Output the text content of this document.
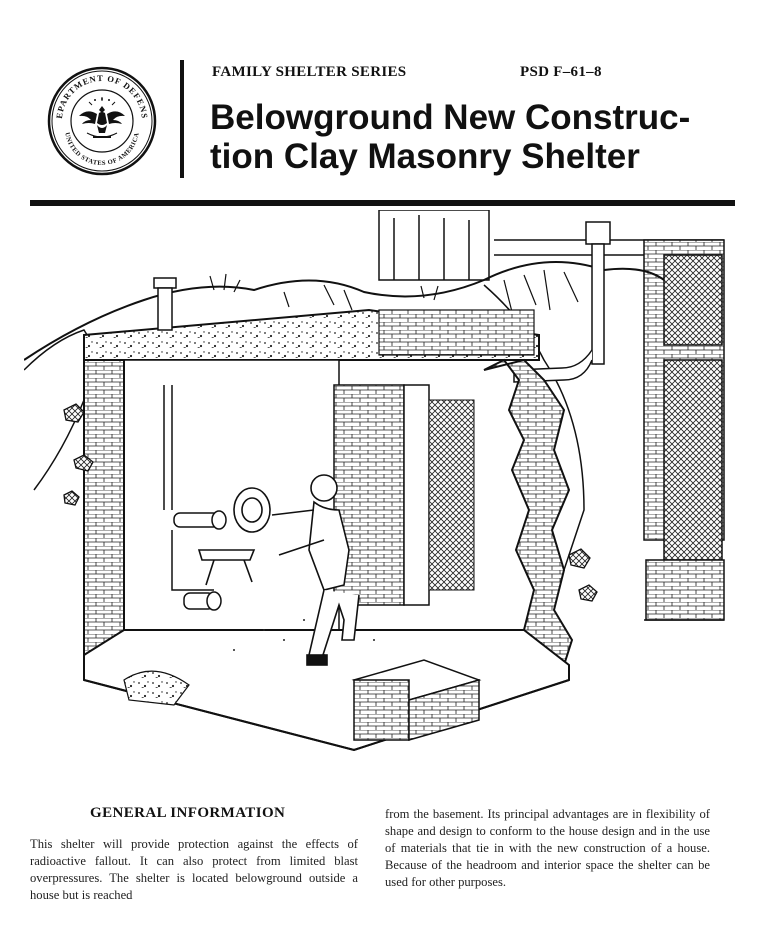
EPARTMENT OF DEFENS
UNITED STATES OF AMERICA
FAMILY SHELTER SERIES	PSD F–61–8
Belowground New Construc-tion Clay Masonry Shelter
GENERAL INFORMATION
This shelter will provide protection against the effects of radioactive fallout. It can also protect from limited blast overpressures. The shelter is located belowground outside a house but is reached
from the basement. Its principal advantages are in flexibility of shape and design to conform to the house design and in the use of materials that tie in with the new construction of a house. Because of the headroom and interior space the shelter can be used for other purposes.
